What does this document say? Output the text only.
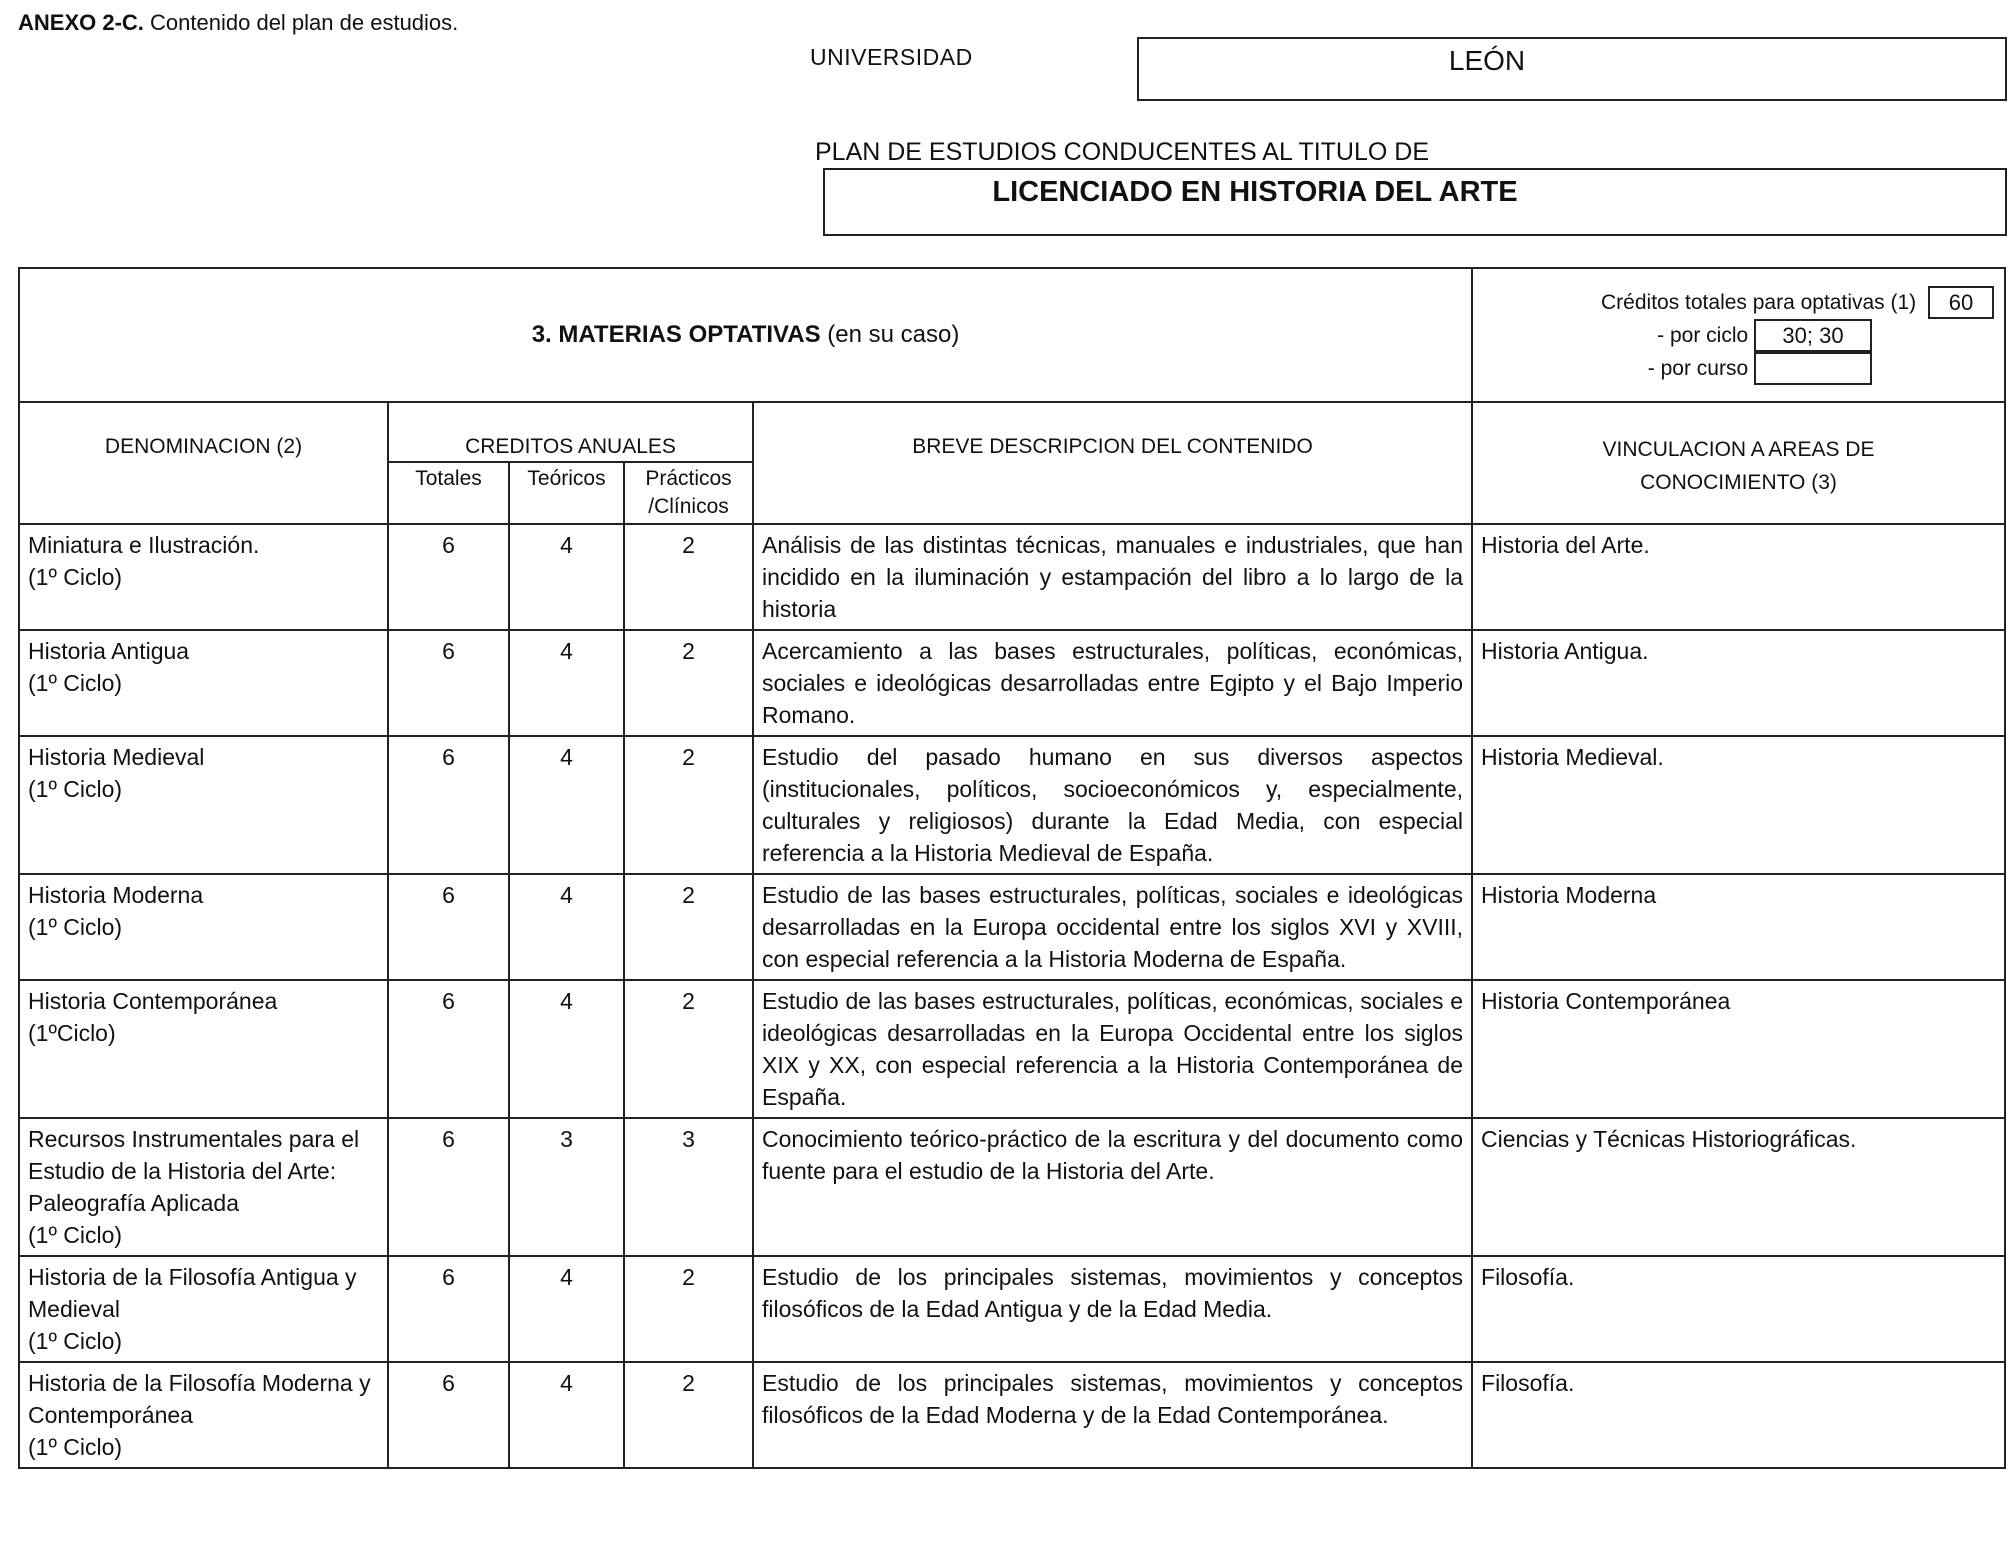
ANEXO 2-C. Contenido del plan de estudios.
UNIVERSIDAD	LEÓN
PLAN DE ESTUDIOS CONDUCENTES AL TITULO DE
LICENCIADO EN HISTORIA DEL ARTE
3. MATERIAS OPTATIVAS (en su caso)					Créditos totales para optativas (1) 60
- por ciclo 30; 30
- por curso

DENOMINACION (2)	CREDITOS ANUALES			BREVE DESCRIPCION DEL CONTENIDO	VINCULACION A AREAS DE
CONOCIMIENTO (3)

	Totales	Teóricos	Prácticos
/Clínicos		

Miniatura e Ilustración.
(1º Ciclo)	6	4	2	Análisis de las distintas técnicas, manuales e industriales, que han incidido en la iluminación y estampación del libro a lo largo de la historia	Historia del Arte.

Historia Antigua
(1º Ciclo)	6	4	2	Acercamiento a las bases estructurales, políticas, económicas, sociales e ideológicas desarrolladas entre Egipto y el Bajo Imperio Romano.	Historia Antigua.

Historia Medieval
(1º Ciclo)	6	4	2	Estudio del pasado humano en sus diversos aspectos (institucionales, políticos, socioeconómicos y, especialmente, culturales y religiosos) durante la Edad Media, con especial referencia a la Historia Medieval de España.	Historia Medieval.

Historia Moderna
(1º Ciclo)	6	4	2	Estudio de las bases estructurales, políticas, sociales e ideológicas desarrolladas en la Europa occidental entre los siglos XVI y XVIII, con especial referencia a la Historia Moderna de España.	Historia Moderna

Historia Contemporánea
(1ºCiclo)	6	4	2	Estudio de las bases estructurales, políticas, económicas, sociales e ideológicas desarrolladas en la Europa Occidental entre los siglos XIX y XX, con especial referencia a la Historia Contemporánea de España.	Historia Contemporánea

Recursos Instrumentales para el Estudio de la Historia del Arte: Paleografía Aplicada
(1º Ciclo)	6	3	3	Conocimiento teórico-práctico de la escritura y del documento como fuente para el estudio de la Historia del Arte.	Ciencias y Técnicas Historiográficas.

Historia de la Filosofía Antigua y Medieval
(1º Ciclo)	6	4	2	Estudio de los principales sistemas, movimientos y conceptos filosóficos de la Edad Antigua y de la Edad Media.	Filosofía.

Historia de la Filosofía Moderna y Contemporánea
(1º Ciclo)	6	4	2	Estudio de los principales sistemas, movimientos y conceptos filosóficos de la Edad Moderna y de la Edad Contemporánea.	Filosofía.
